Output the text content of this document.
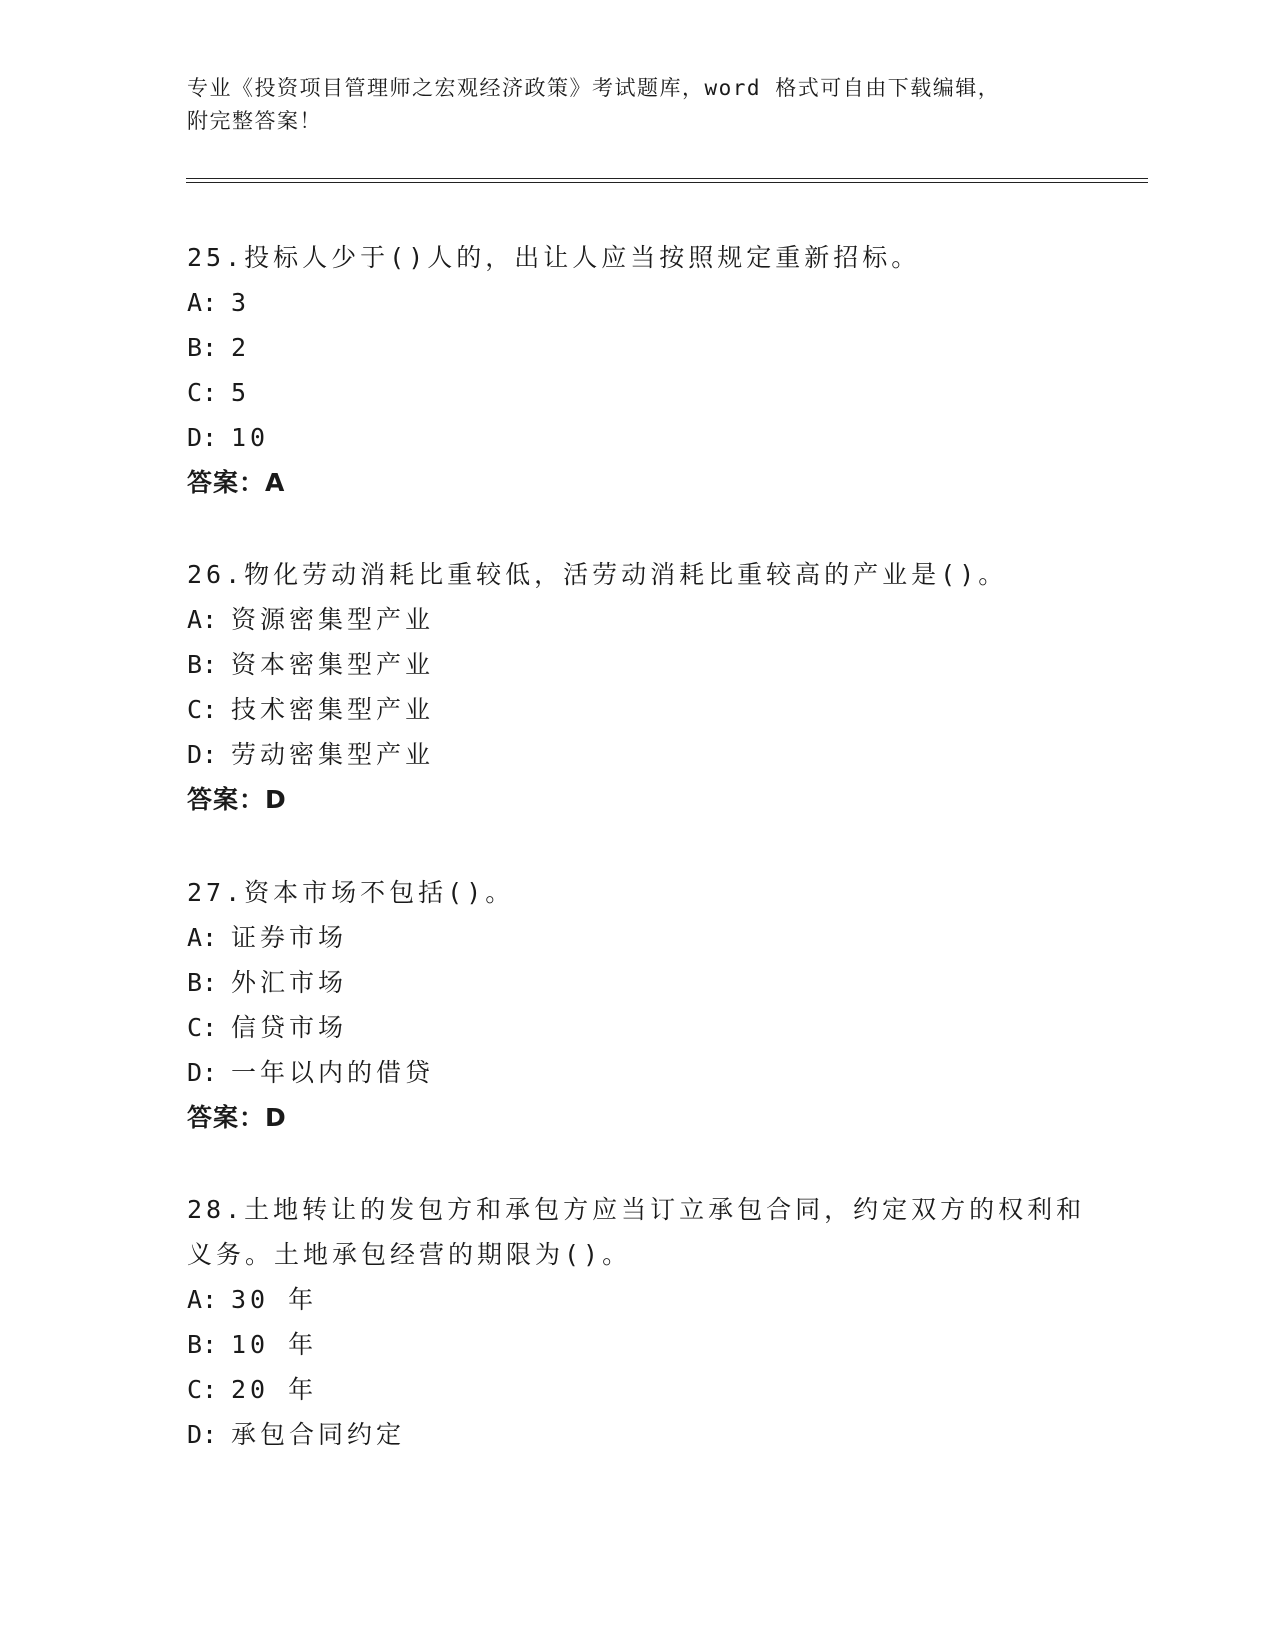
专业《投资项目管理师之宏观经济政策》考试题库，word 格式可自由下载编辑，
附完整答案！

25.投标人少于()人的，出让人应当按照规定重新招标。

A: 3

B: 2

C: 5

D: 10

答案：A

26.物化劳动消耗比重较低，活劳动消耗比重较高的产业是()。

A: 资源密集型产业

B: 资本密集型产业

C: 技术密集型产业

D: 劳动密集型产业

答案：D

27.资本市场不包括()。

A: 证券市场

B: 外汇市场

C: 信贷市场

D: 一年以内的借贷

答案：D

28.土地转让的发包方和承包方应当订立承包合同，约定双方的权利和

义务。土地承包经营的期限为()。

A: 30 年

B: 10 年

C: 20 年

D: 承包合同约定
